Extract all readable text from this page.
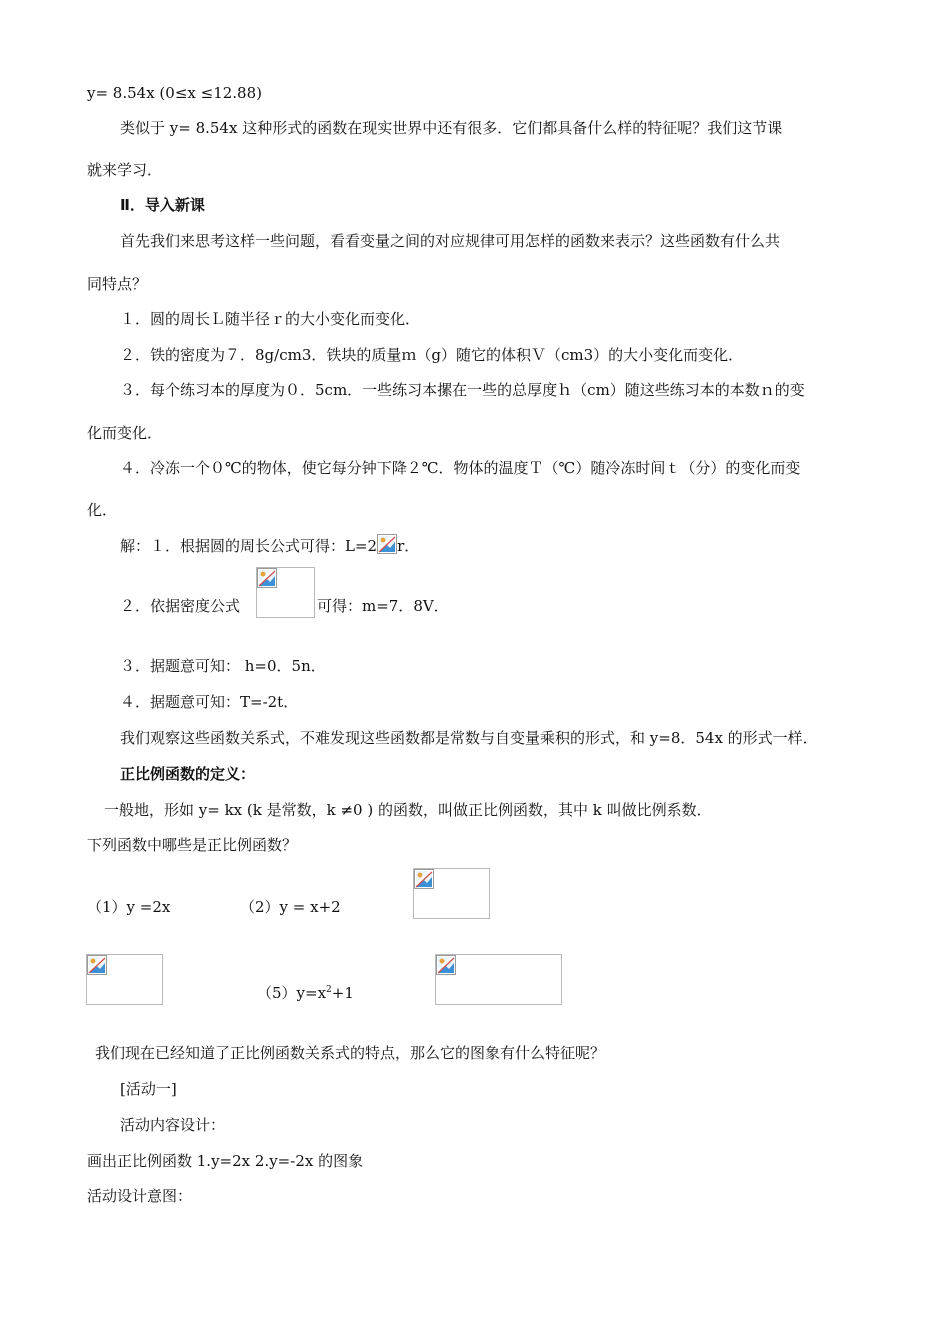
y= 8.54x (0≤x ≤12.88)
类似于 y= 8.54x 这种形式的函数在现实世界中还有很多．它们都具备什么样的特征呢？我们这节课
就来学习．
Ⅱ．导入新课
首先我们来思考这样一些问题，看看变量之间的对应规律可用怎样的函数来表示？这些函数有什么共
同特点？
１．圆的周长Ｌ随半径ｒ的大小变化而变化．
２．铁的密度为７．8g/cm3．铁块的质量ｍ（g）随它的体积Ｖ（cm3）的大小变化而变化．
３．每个练习本的厚度为０．5cm．一些练习本摞在一些的总厚度ｈ（cm）随这些练习本的本数ｎ的变
化而变化．
４．冷冻一个０℃的物体，使它每分钟下降２℃．物体的温度Ｔ（℃）随冷冻时间ｔ（分）的变化而变
化．
解：１．根据圆的周长公式可得：L=2 r．
２．依据密度公式	可得：m=7．8V．
３．据题意可知： h=0．5n．
４．据题意可知：T=-2t．
我们观察这些函数关系式，不难发现这些函数都是常数与自变量乘积的形式，和 y=8．54x 的形式一样．
正比例函数的定义：
一般地，形如 y= kx (k 是常数，k ≠0 ) 的函数，叫做正比例函数，其中 k 叫做比例系数．
下列函数中哪些是正比例函数？
（1）y =2x	（2）y = x+2
$(5)y=x^2+1$
我们现在已经知道了正比例函数关系式的特点，那么它的图象有什么特征呢？
[活动一]
活动内容设计：
画出正比例函数 1.y=2x 2.y=-2x 的图象
活动设计意图：
